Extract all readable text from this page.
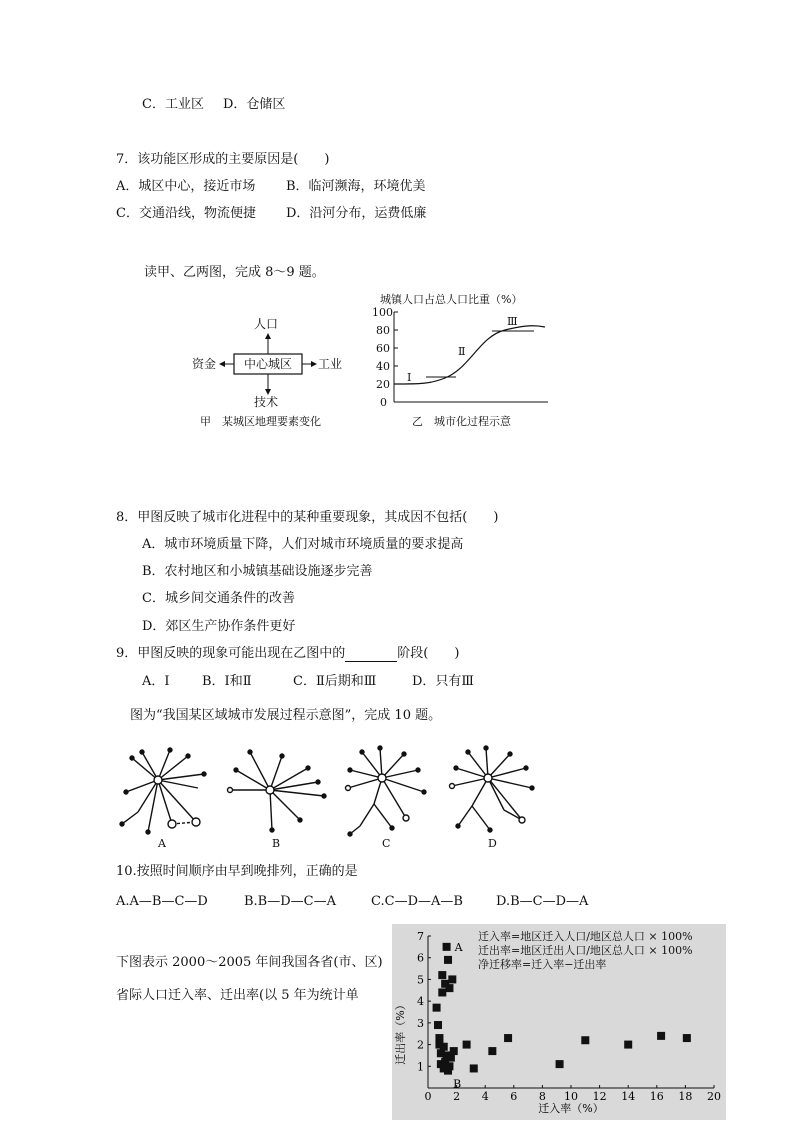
C．工业区 D．仓储区
7．该功能区形成的主要原因是(　　)
A．城区中心，接近市场 B．临河濒海，环境优美
C．交通沿线，物流便捷 D．沿河分布，运费低廉
读甲、乙两图，完成 8～9 题。
中心城区
人口
资金	工业
技术
甲　某城区地理要素变化
城镇人口占总人口比重（%）
100
80
60
40
20
0
Ⅰ
Ⅱ
Ⅲ
乙　城市化过程示意
8．甲图反映了城市化进程中的某种重要现象，其成因不包括(　　)
A．城市环境质量下降，人们对城市环境质量的要求提高
B．农村地区和小城镇基础设施逐步完善
C．城乡间交通条件的改善
D．郊区生产协作条件更好
9．甲图反映的现象可能出现在乙图中的	阶段(　　)
A．Ⅰ B．Ⅰ和Ⅱ	C．Ⅱ后期和Ⅲ	D．只有Ⅲ
图为“我国某区域城市发展过程示意图”，完成 10 题。
A	B	C	D
10.按照时间顺序由早到晚排列，正确的是
A.A—B—C—D	B.B—D—C—A	C.C—D—A—B	D.B—C—D—A
下图表示 2000～2005 年间我国各省(市、区)
省际人口迁入率、迁出率(以 5 年为统计单
0 2 4 6 8 10 12 14 16 18 20
1
2
3
4
5
6
7
A
B
迁入率（%）
迁出率（%）
迁入率=地区迁入人口/地区总人口 × 100%
迁出率=地区迁出人口/地区总人口 × 100%
净迁移率=迁入率−迁出率
